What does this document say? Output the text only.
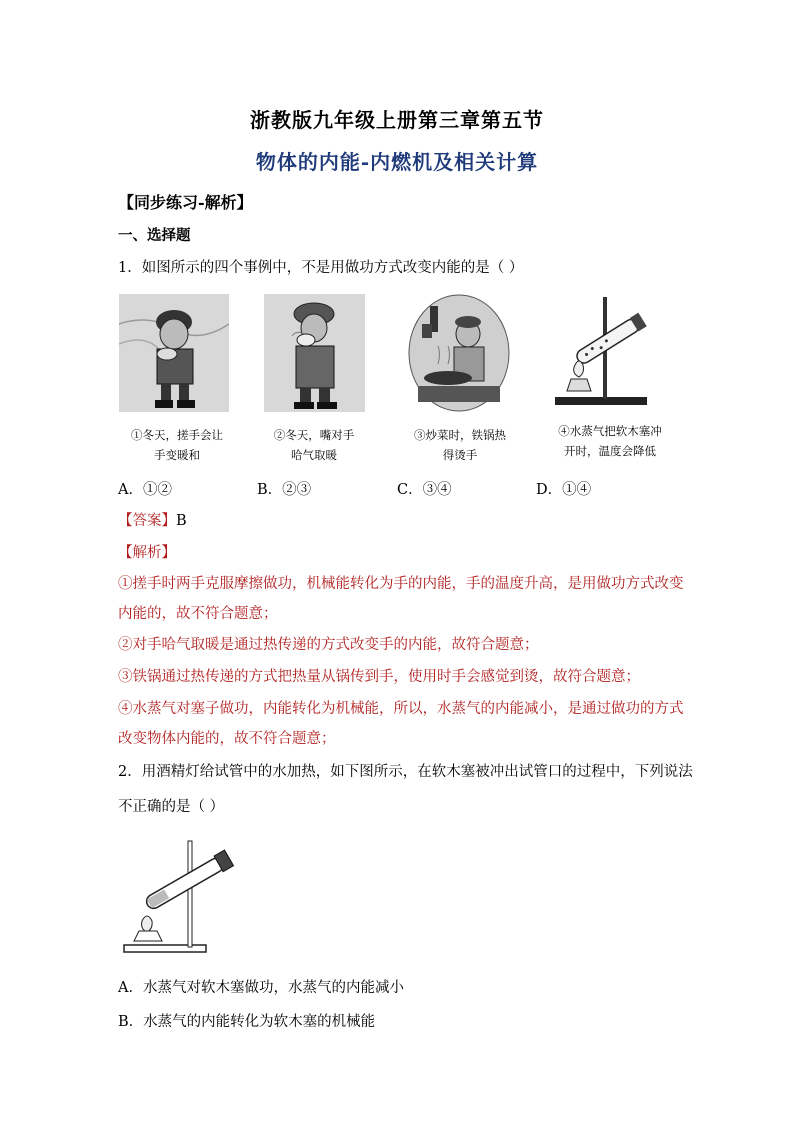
浙教版九年级上册第三章第五节
物体的内能-内燃机及相关计算
【同步练习-解析】
一、选择题
1．如图所示的四个事例中，不是用做功方式改变内能的是（ ）
①冬天，搓手会让
手变暖和
②冬天，嘴对手
哈气取暖
③炒菜时，铁锅热
得烫手
④水蒸气把软木塞冲
开时，温度会降低
A．①②	B．②③	C．③④	D．①④
【答案】B
【解析】
①搓手时两手克服摩擦做功，机械能转化为手的内能，手的温度升高，是用做功方式改变
内能的，故不符合题意；
②对手哈气取暖是通过热传递的方式改变手的内能，故符合题意；
③铁锅通过热传递的方式把热量从锅传到手，使用时手会感觉到烫，故符合题意；
④水蒸气对塞子做功，内能转化为机械能，所以，水蒸气的内能减小，是通过做功的方式
改变物体内能的，故不符合题意；
2．用酒精灯给试管中的水加热，如下图所示，在软木塞被冲出试管口的过程中，下列说法
不正确的是（ ）
A．水蒸气对软木塞做功，水蒸气的内能减小
B．水蒸气的内能转化为软木塞的机械能
